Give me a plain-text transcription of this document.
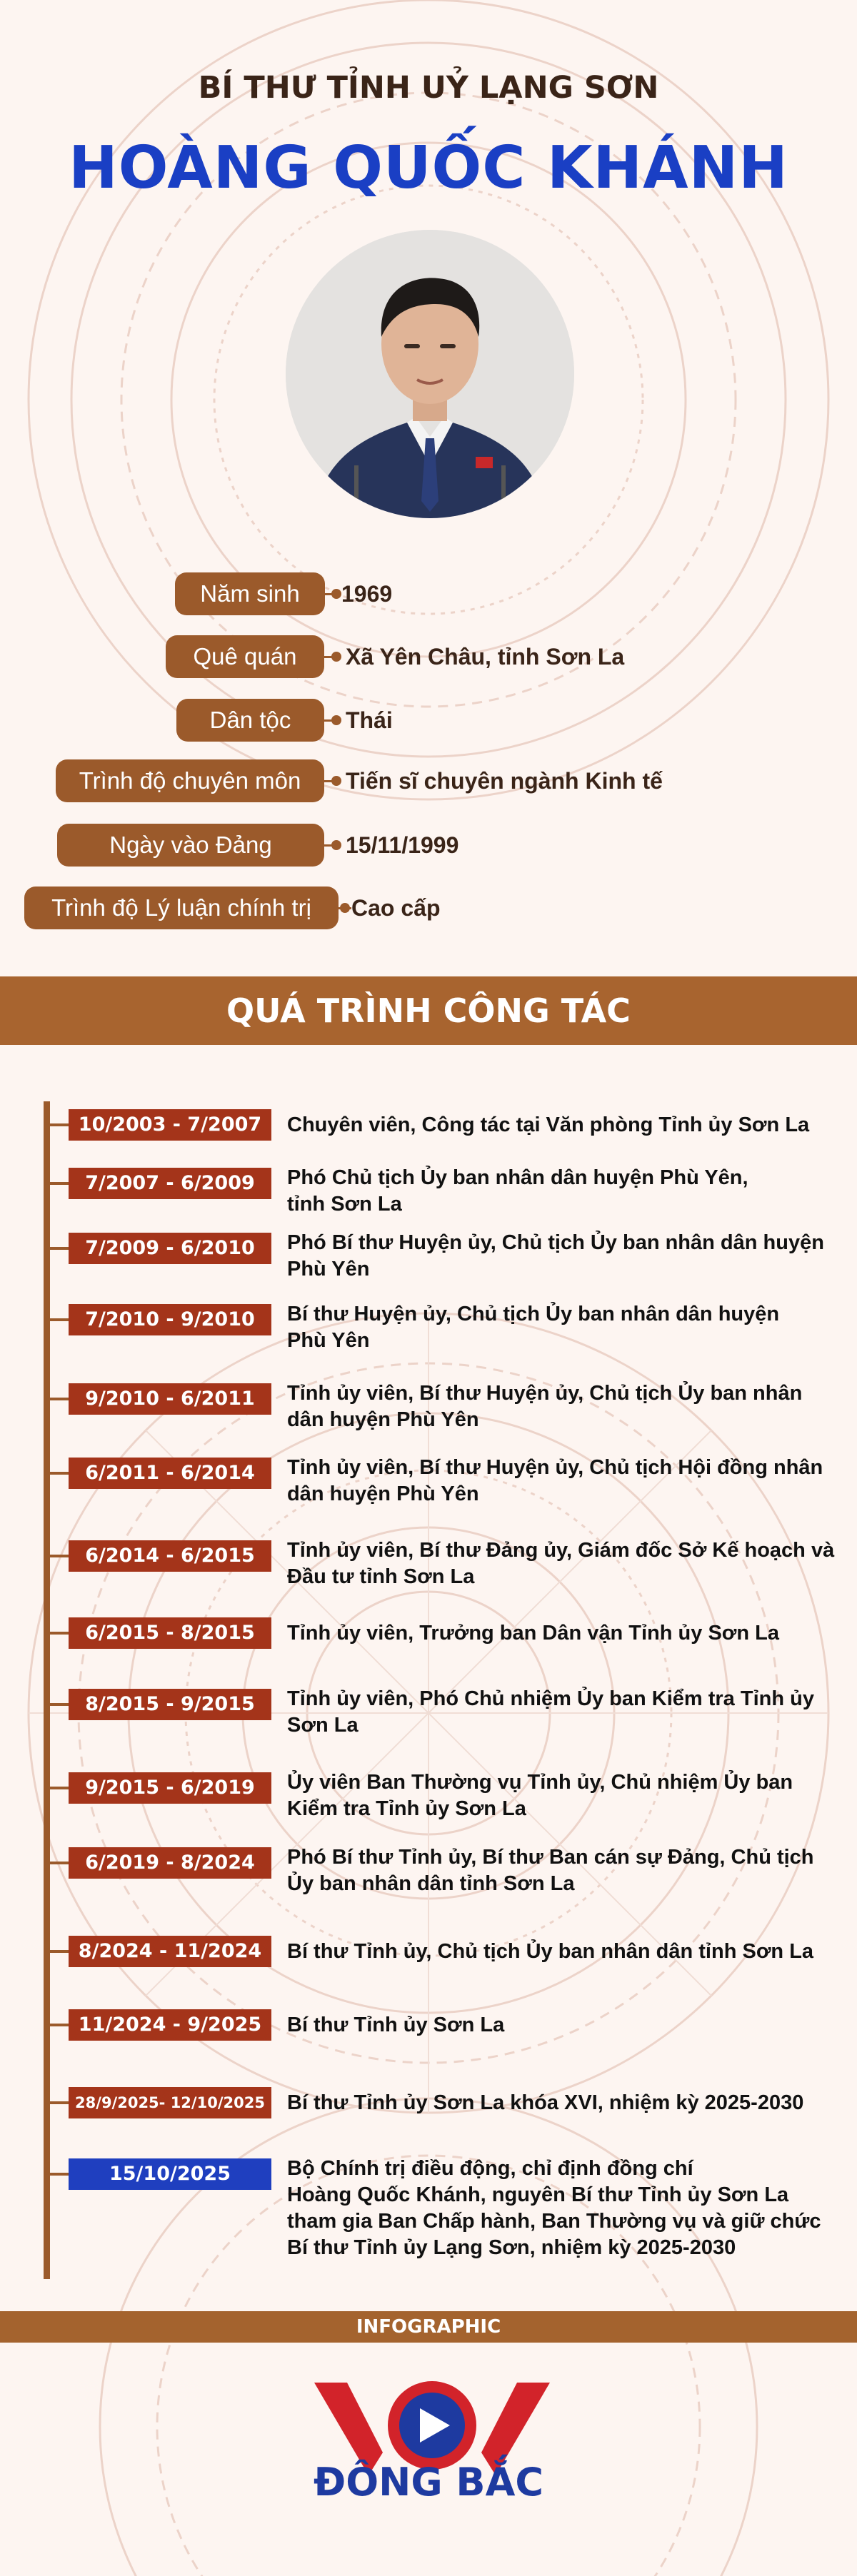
BÍ THƯ TỈNH UỶ LẠNG SƠN
HOÀNG QUỐC KHÁNH
Năm sinh	1969
Quê quán	Xã Yên Châu, tỉnh Sơn La
Dân tộc	Thái
Trình độ chuyên môn	Tiến sĩ chuyên ngành Kinh tế
Ngày vào Đảng	15/11/1999
Trình độ Lý luận chính trị	Cao cấp
QUÁ TRÌNH CÔNG TÁC
10/2003 - 7/2007	Chuyên viên, Công tác tại Văn phòng Tỉnh ủy Sơn La
7/2007 - 6/2009	Phó Chủ tịch Ủy ban nhân dân huyện Phù Yên,
tỉnh Sơn La
7/2009 - 6/2010	Phó Bí thư Huyện ủy, Chủ tịch Ủy ban nhân dân huyện
Phù Yên
7/2010 - 9/2010	Bí thư Huyện ủy, Chủ tịch Ủy ban nhân dân huyện
Phù Yên
9/2010 - 6/2011	Tỉnh ủy viên, Bí thư Huyện ủy, Chủ tịch Ủy ban nhân
dân huyện Phù Yên
6/2011 - 6/2014	Tỉnh ủy viên, Bí thư Huyện ủy, Chủ tịch Hội đồng nhân
dân huyện Phù Yên
6/2014 - 6/2015	Tỉnh ủy viên, Bí thư Đảng ủy, Giám đốc Sở Kế hoạch và
Đầu tư tỉnh Sơn La
6/2015 - 8/2015	Tỉnh ủy viên, Trưởng ban Dân vận Tỉnh ủy Sơn La
8/2015 - 9/2015	Tỉnh ủy viên, Phó Chủ nhiệm Ủy ban Kiểm tra Tỉnh ủy
Sơn La
9/2015 - 6/2019	Ủy viên Ban Thường vụ Tỉnh ủy, Chủ nhiệm Ủy ban
Kiểm tra Tỉnh ủy Sơn La
6/2019 - 8/2024	Phó Bí thư Tỉnh ủy, Bí thư Ban cán sự Đảng, Chủ tịch
Ủy ban nhân dân tỉnh Sơn La
8/2024 - 11/2024	Bí thư Tỉnh ủy, Chủ tịch Ủy ban nhân dân tỉnh Sơn La
11/2024 - 9/2025	Bí thư Tỉnh ủy Sơn La
28/9/2025- 12/10/2025	Bí thư Tỉnh ủy Sơn La khóa XVI, nhiệm kỳ 2025-2030
15/10/2025	Bộ Chính trị điều động, chỉ định đồng chí
Hoàng Quốc Khánh, nguyên Bí thư Tỉnh ủy Sơn La
tham gia Ban Chấp hành, Ban Thường vụ và giữ chức
Bí thư Tỉnh ủy Lạng Sơn, nhiệm kỳ 2025-2030
INFOGRAPHIC
ĐÔNG BẮC
